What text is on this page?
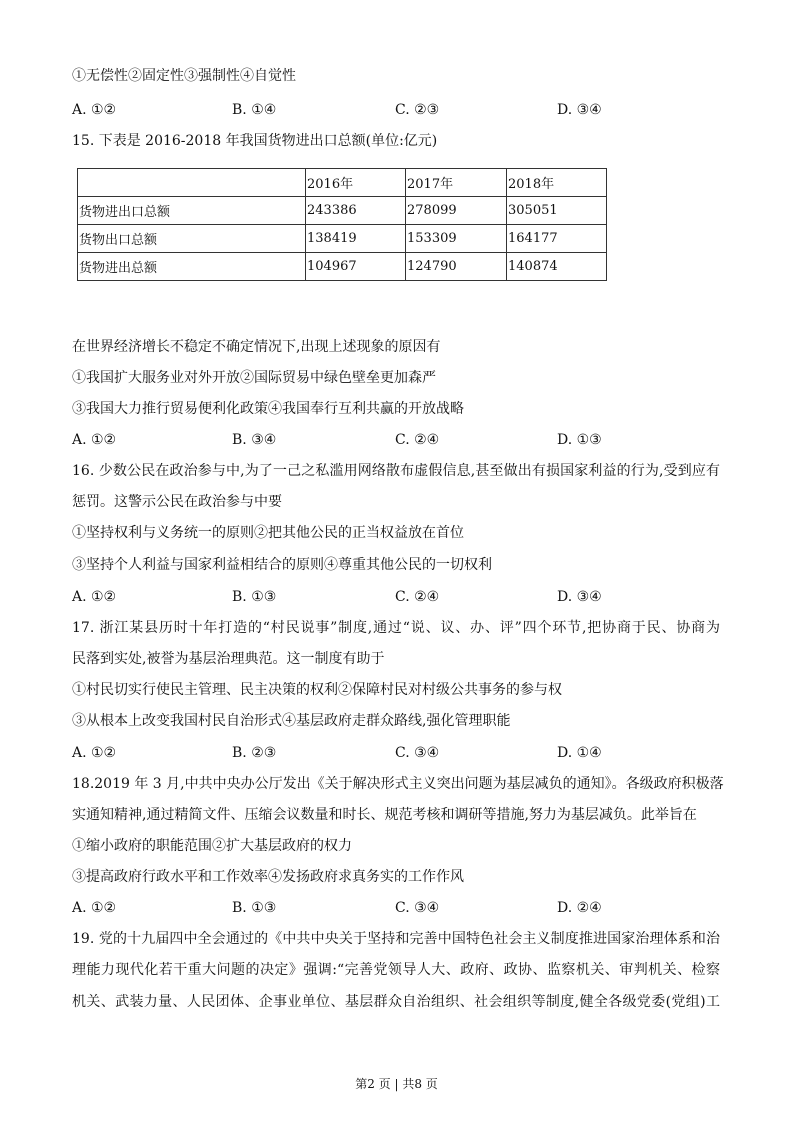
①无偿性②固定性③强制性④自觉性
A. ①②	B. ①④	C. ②③	D. ③④
15. 下表是 2016-2018 年我国货物进出口总额(单位:亿元)
	2016年	2017年	2018年
货物进出口总额	243386	278099	305051
货物出口总额	138419	153309	164177
货物进出总额	104967	124790	140874
在世界经济增长不稳定不确定情况下,出现上述现象的原因有
①我国扩大服务业对外开放②国际贸易中绿色壁垒更加森严
③我国大力推行贸易便利化政策④我国奉行互利共赢的开放战略
A. ①②	B. ③④	C. ②④	D. ①③
16. 少数公民在政治参与中,为了一己之私滥用网络散布虚假信息,甚至做出有损国家利益的行为,受到应有
惩罚。这警示公民在政治参与中要
①坚持权利与义务统一的原则②把其他公民的正当权益放在首位
③坚持个人利益与国家利益相结合的原则④尊重其他公民的一切权利
A. ①②	B. ①③	C. ②④	D. ③④
17. 浙江某县历时十年打造的“村民说事”制度,通过“说、议、办、评”四个环节,把协商于民、协商为
民落到实处,被誉为基层治理典范。这一制度有助于
①村民切实行使民主管理、民主决策的权利②保障村民对村级公共事务的参与权
③从根本上改变我国村民自治形式④基层政府走群众路线,强化管理职能
A. ①②	B. ②③	C. ③④	D. ①④
18.2019 年 3 月,中共中央办公厅发出《关于解决形式主义突出问题为基层减负的通知》。各级政府积极落
实通知精神,通过精简文件、压缩会议数量和时长、规范考核和调研等措施,努力为基层减负。此举旨在
①缩小政府的职能范围②扩大基层政府的权力
③提高政府行政水平和工作效率④发扬政府求真务实的工作作风
A. ①②	B. ①③	C. ③④	D. ②④
19. 党的十九届四中全会通过的《中共中央关于坚持和完善中国特色社会主义制度推进国家治理体系和治
理能力现代化若干重大问题的决定》强调:“完善党领导人大、政府、政协、监察机关、审判机关、检察
机关、武装力量、人民团体、企事业单位、基层群众自治组织、社会组织等制度,健全各级党委(党组)工
第2 页 | 共8 页
